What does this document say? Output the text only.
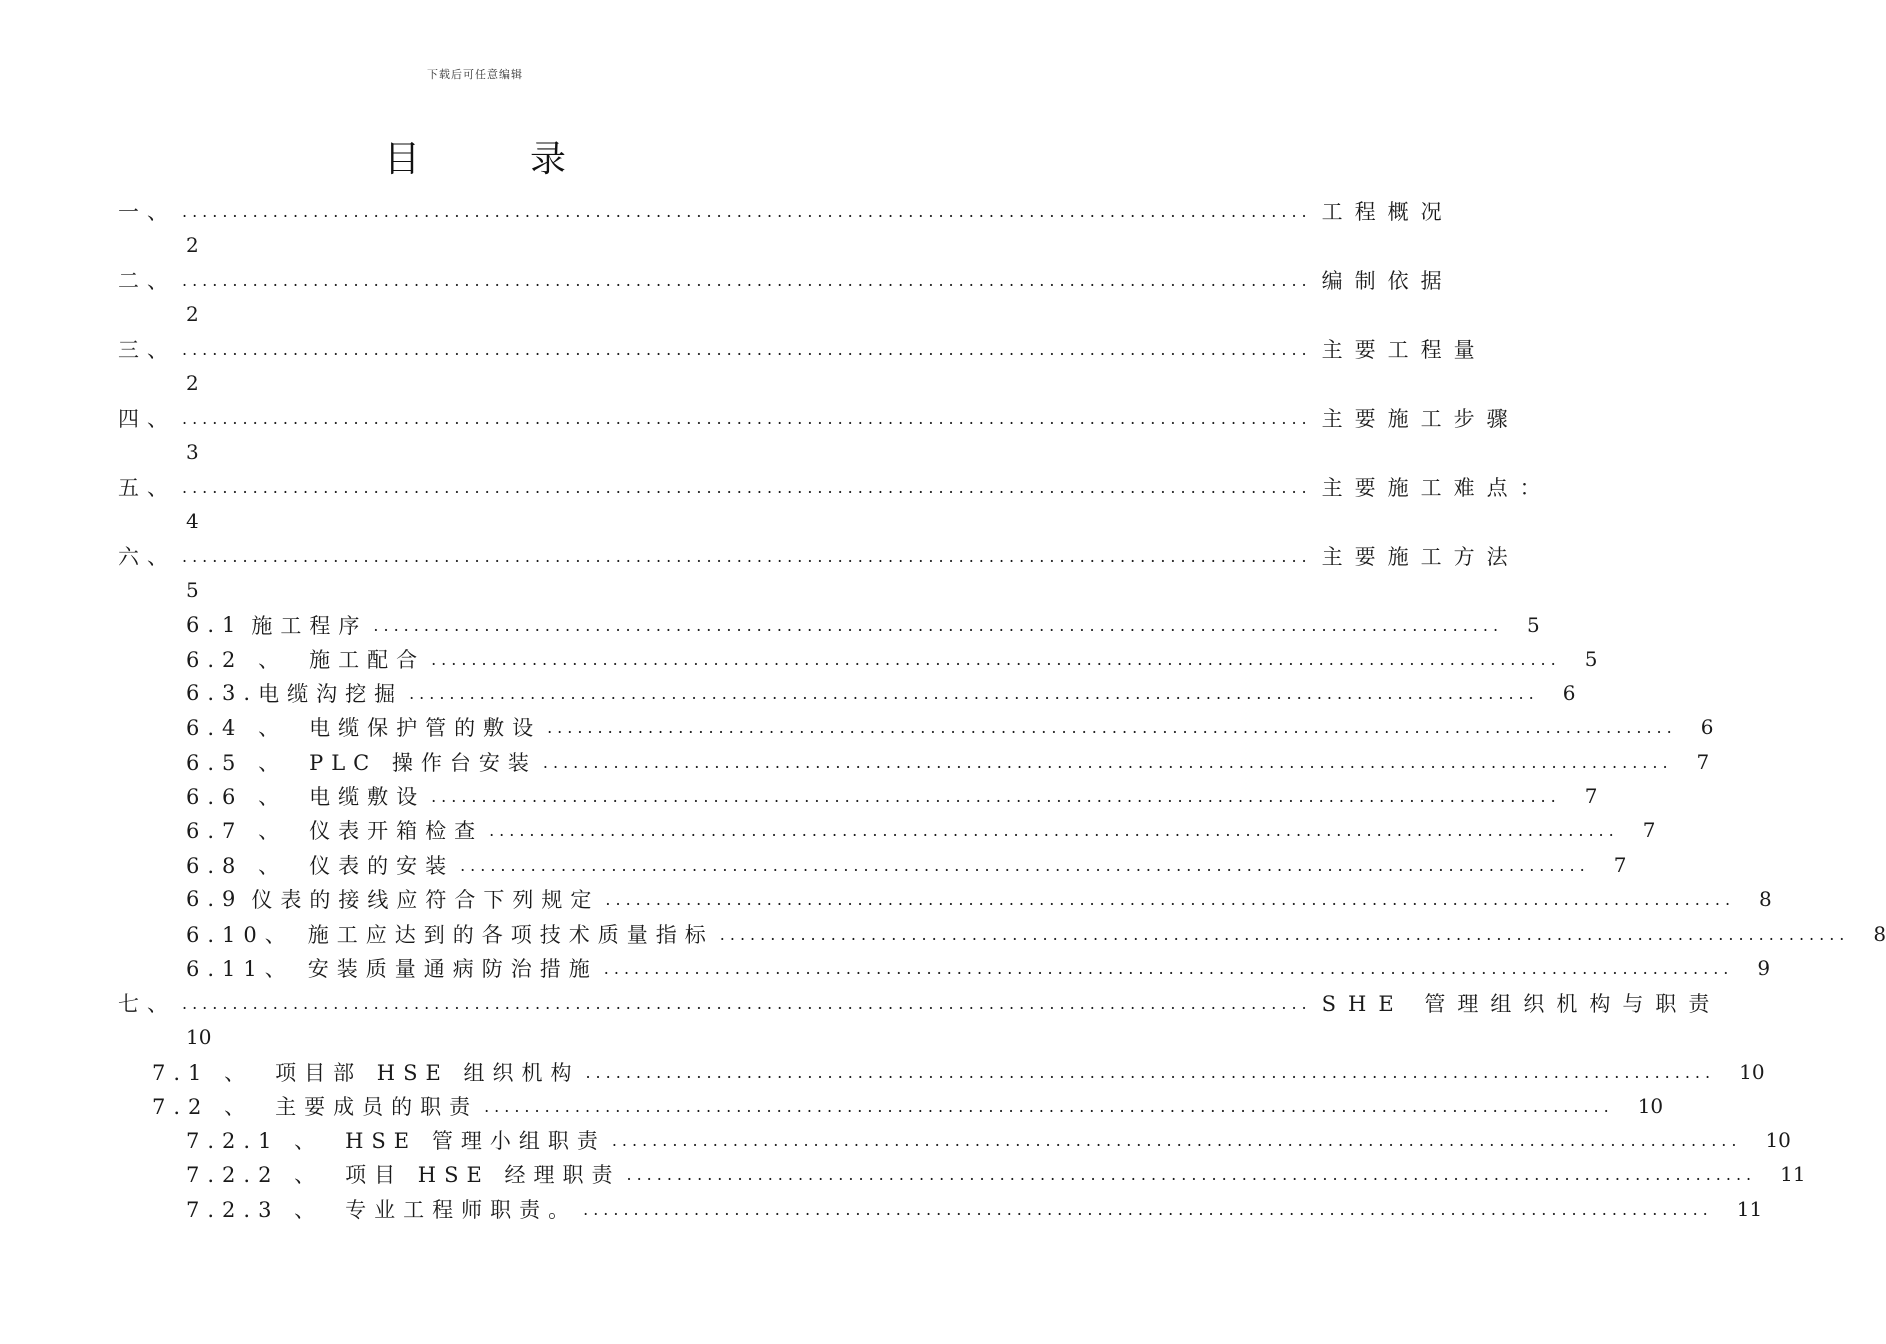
下载后可任意编辑
目录
一、 ................................................................................................................ 工程概况
2
二、 ................................................................................................................ 编制依据
2
三、 ................................................................................................................ 主要工程量
2
四、 ................................................................................................................ 主要施工步骤
3
五、 ................................................................................................................ 主要施工难点：
4
六、 ................................................................................................................ 主要施工方法
5
6.1 施工程序 ................................................................................................................ 5
6.2 、 施工配合 ................................................................................................................ 5
6.3. 电缆沟挖掘 ................................................................................................................ 6
6.4 、 电缆保护管的敷设 ................................................................................................................ 6
6.5 、 PLC 操作台安装 ................................................................................................................ 7
6.6 、 电缆敷设 ................................................................................................................ 7
6.7 、 仪表开箱检查 ................................................................................................................ 7
6.8 、 仪表的安装 ................................................................................................................ 7
6.9 仪表的接线应符合下列规定 ................................................................................................................ 8
6.10、 施工应达到的各项技术质量指标 ................................................................................................................ 8
6.11、 安装质量通病防治措施 ................................................................................................................ 9
七、 ................................................................................................................ SHE 管理组织机构与职责
10
7.1 、 项目部 HSE 组织机构 ................................................................................................................ 10
7.2 、 主要成员的职责 ................................................................................................................ 10
7.2.1 、 HSE 管理小组职责 ................................................................................................................ 10
7.2.2 、 项目 HSE 经理职责 ................................................................................................................ 11
7.2.3 、 专业工程师职责。 ................................................................................................................ 11
